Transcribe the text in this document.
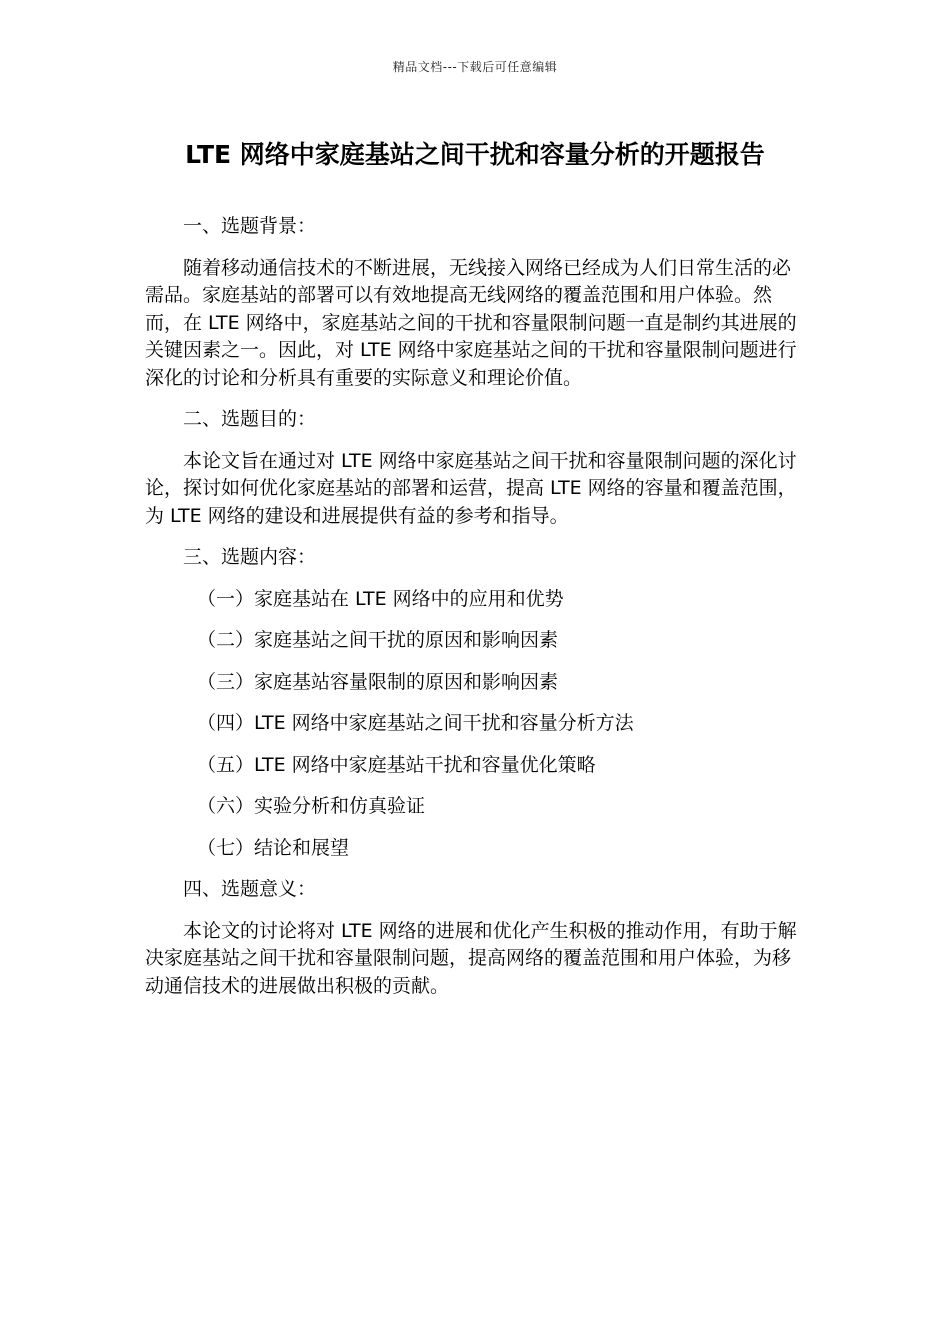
精品文档---下载后可任意编辑
LTE 网络中家庭基站之间干扰和容量分析的开题报告

一、选题背景：

随着移动通信技术的不断进展，无线接入网络已经成为人们日常生活的必需品。家庭基站的部署可以有效地提高无线网络的覆盖范围和用户体验。然而，在 LTE 网络中，家庭基站之间的干扰和容量限制问题一直是制约其进展的关键因素之一。因此，对 LTE 网络中家庭基站之间的干扰和容量限制问题进行深化的讨论和分析具有重要的实际意义和理论价值。

二、选题目的：

本论文旨在通过对 LTE 网络中家庭基站之间干扰和容量限制问题的深化讨论，探讨如何优化家庭基站的部署和运营，提高 LTE 网络的容量和覆盖范围，为 LTE 网络的建设和进展提供有益的参考和指导。

三、选题内容：

（一）家庭基站在 LTE 网络中的应用和优势

（二）家庭基站之间干扰的原因和影响因素

（三）家庭基站容量限制的原因和影响因素

（四）LTE 网络中家庭基站之间干扰和容量分析方法

（五）LTE 网络中家庭基站干扰和容量优化策略

（六）实验分析和仿真验证

（七）结论和展望

四、选题意义：

本论文的讨论将对 LTE 网络的进展和优化产生积极的推动作用，有助于解决家庭基站之间干扰和容量限制问题，提高网络的覆盖范围和用户体验，为移动通信技术的进展做出积极的贡献。
